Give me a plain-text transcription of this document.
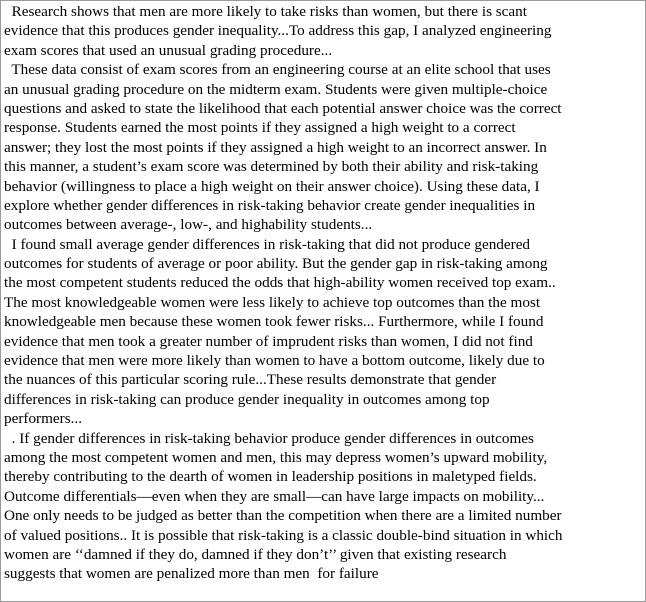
Research shows that men are more likely to take risks than women, but there is scant
evidence that this produces gender inequality...To address this gap, I analyzed engineering
exam scores that used an unusual grading procedure...
These data consist of exam scores from an engineering course at an elite school that uses
an unusual grading procedure on the midterm exam. Students were given multiple-choice
questions and asked to state the likelihood that each potential answer choice was the correct
response. Students earned the most points if they assigned a high weight to a correct
answer; they lost the most points if they assigned a high weight to an incorrect answer. In
this manner, a student’s exam score was determined by both their ability and risk-taking
behavior (willingness to place a high weight on their answer choice). Using these data, I
explore whether gender differences in risk-taking behavior create gender inequalities in
outcomes between average-, low-, and highability students...
I found small average gender differences in risk-taking that did not produce gendered
outcomes for students of average or poor ability. But the gender gap in risk-taking among
the most competent students reduced the odds that high-ability women received top exam..
The most knowledgeable women were less likely to achieve top outcomes than the most
knowledgeable men because these women took fewer risks... Furthermore, while I found
evidence that men took a greater number of imprudent risks than women, I did not find
evidence that men were more likely than women to have a bottom outcome, likely due to
the nuances of this particular scoring rule...These results demonstrate that gender
differences in risk-taking can produce gender inequality in outcomes among top
performers...
. If gender differences in risk-taking behavior produce gender differences in outcomes
among the most competent women and men, this may depress women’s upward mobility,
thereby contributing to the dearth of women in leadership positions in maletyped fields.
Outcome differentials—even when they are small—can have large impacts on mobility...
One only needs to be judged as better than the competition when there are a limited number
of valued positions.. It is possible that risk-taking is a classic double-bind situation in which
women are ‘‘damned if they do, damned if they don’t’’ given that existing research
suggests that women are penalized more than men  for failure
